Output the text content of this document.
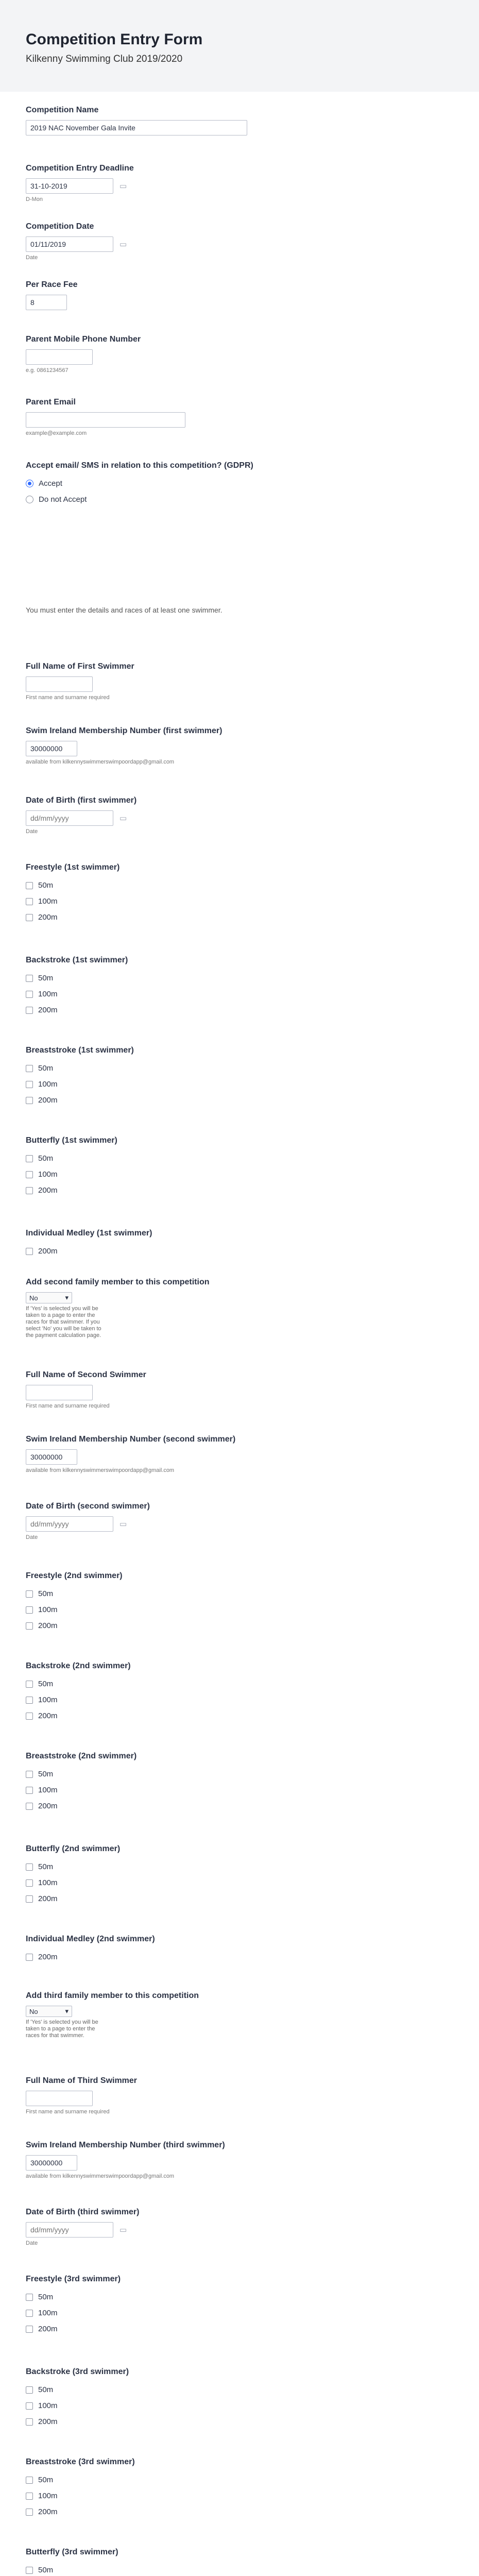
Competition Entry Form
Kilkenny Swimming Club 2019/2020
Competition Name
2019 NAC November Gala Invite
Competition Entry Deadline
31-10-2019
▭
D-Mon
Competition Date
01/11/2019
▭
Date
Per Race Fee
8
Parent Mobile Phone Number
e.g. 0861234567
Parent Email
example@example.com
Accept email/ SMS in relation to this competition? (GDPR)
Accept
Do not Accept
You must enter the details and races of at least one swimmer.
Full Name of First Swimmer
First name and surname required
Swim Ireland Membership Number (first swimmer)
30000000
available from kilkennyswimmerswimpoordapp@gmail.com
Date of Birth (first swimmer)
dd/mm/yyyy
▭
Date
Freestyle (1st swimmer)
50m
100m
200m
Backstroke (1st swimmer)
50m
100m
200m
Breaststroke (1st swimmer)
50m
100m
200m
Butterfly (1st swimmer)
50m
100m
200m
Individual Medley (1st swimmer)
200m
Add second family member to this competition
No	▾
If 'Yes' is selected you will be taken to a page to enter the races for that swimmer. If you select 'No' you will be taken to the payment calculation page.
Full Name of Second Swimmer
First name and surname required
Swim Ireland Membership Number (second swimmer)
30000000
available from kilkennyswimmerswimpoordapp@gmail.com
Date of Birth (second swimmer)
dd/mm/yyyy
▭
Date
Freestyle (2nd swimmer)
50m
100m
200m
Backstroke (2nd swimmer)
50m
100m
200m
Breaststroke (2nd swimmer)
50m
100m
200m
Butterfly (2nd swimmer)
50m
100m
200m
Individual Medley (2nd swimmer)
200m
Add third family member to this competition
No	▾
If 'Yes' is selected you will be taken to a page to enter the races for that swimmer.
Full Name of Third Swimmer
First name and surname required
Swim Ireland Membership Number (third swimmer)
30000000
available from kilkennyswimmerswimpoordapp@gmail.com
Date of Birth (third swimmer)
dd/mm/yyyy
▭
Date
Freestyle (3rd swimmer)
50m
100m
200m
Backstroke (3rd swimmer)
50m
100m
200m
Breaststroke (3rd swimmer)
50m
100m
200m
Butterfly (3rd swimmer)
50m
